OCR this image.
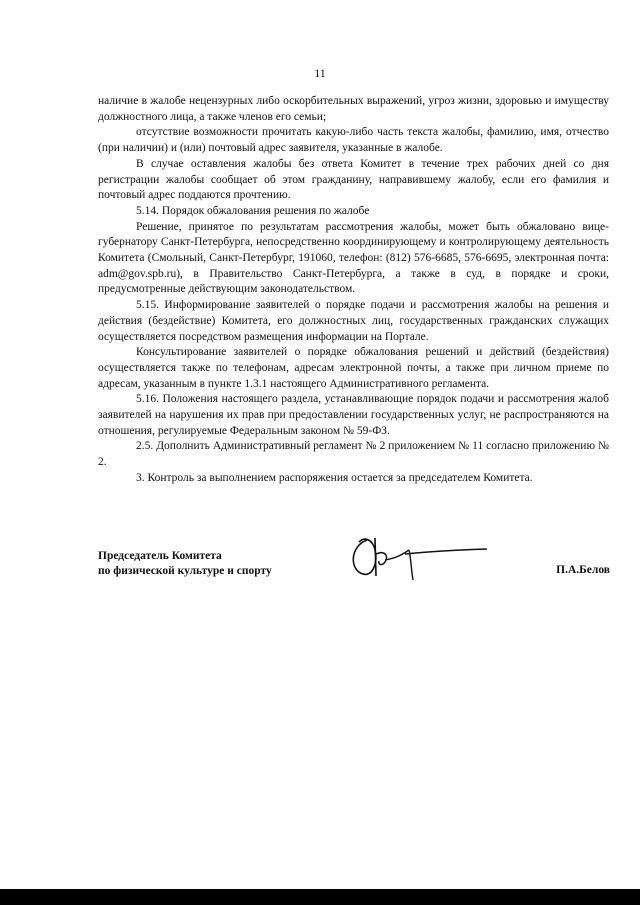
11

наличие в жалобе нецензурных либо оскорбительных выражений, угроз жизни, здоровью и имуществу должностного лица, а также членов его семьи;

отсутствие возможности прочитать какую-либо часть текста жалобы, фамилию, имя, отчество (при наличии) и (или) почтовый адрес заявителя, указанные в жалобе.

В случае оставления жалобы без ответа Комитет в течение трех рабочих дней со дня регистрации жалобы сообщает об этом гражданину, направившему жалобу, если его фамилия и почтовый адрес поддаются прочтению.

5.14. Порядок обжалования решения по жалобе

Решение, принятое по результатам рассмотрения жалобы, может быть обжаловано вице-губернатору Санкт-Петербурга, непосредственно координирующему и контролирующему деятельность Комитета (Смольный, Санкт-Петербург, 191060, телефон: (812) 576-6685, 576-6695, электронная почта: adm@gov.spb.ru), в Правительство Санкт-Петербурга, а также в суд, в порядке и сроки, предусмотренные действующим законодательством.

5.15. Информирование заявителей о порядке подачи и рассмотрения жалобы на решения и действия (бездействие) Комитета, его должностных лиц, государственных гражданских служащих осуществляется посредством размещения информации на Портале.

Консультирование заявителей о порядке обжалования решений и действий (бездействия) осуществляется также по телефонам, адресам электронной почты, а также при личном приеме по адресам, указанным в пункте 1.3.1 настоящего Административного регламента.

5.16. Положения настоящего раздела, устанавливающие порядок подачи и рассмотрения жалоб заявителей на нарушения их прав при предоставлении государственных услуг, не распространяются на отношения, регулируемые Федеральным законом № 59-ФЗ.

2.5. Дополнить Административный регламент № 2 приложением № 11 согласно приложению № 2.

3. Контроль за выполнением распоряжения остается за председателем Комитета.

Председатель Комитета
по физической культуре и спорту	П.А.Белов
